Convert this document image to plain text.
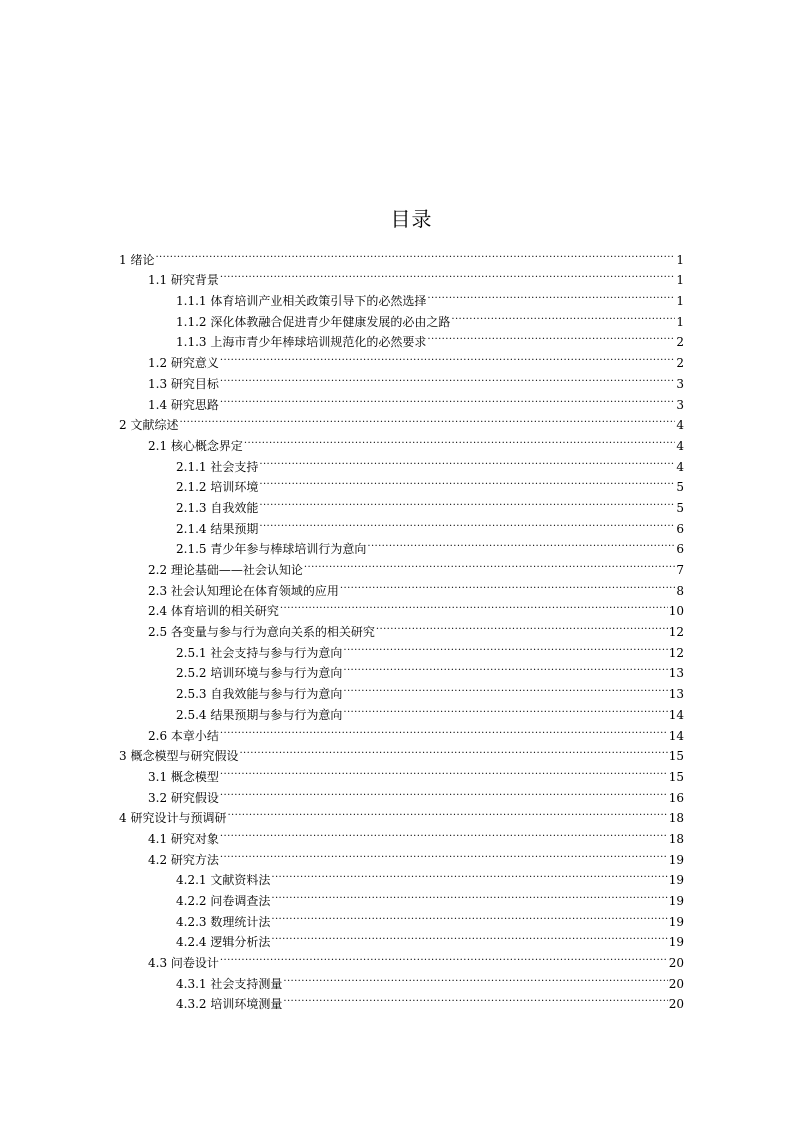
目录
1 绪论 .....	1
1.1 研究背景 .....	1
1.1.1 体育培训产业相关政策引导下的必然选择 .....	1
1.1.2 深化体教融合促进青少年健康发展的必由之路 .....	1
1.1.3 上海市青少年棒球培训规范化的必然要求 .....	2
1.2 研究意义 .....	2
1.3 研究目标 .....	3
1.4 研究思路 .....	3
2 文献综述 .....	4
2.1 核心概念界定 .....	4
2.1.1 社会支持 .....	4
2.1.2 培训环境 .....	5
2.1.3 自我效能 .....	5
2.1.4 结果预期 .....	6
2.1.5 青少年参与棒球培训行为意向 .....	6
2.2 理论基础——社会认知论 .....	7
2.3 社会认知理论在体育领域的应用 .....	8
2.4 体育培训的相关研究 .....	10
2.5 各变量与参与行为意向关系的相关研究 .....	12
2.5.1 社会支持与参与行为意向 .....	12
2.5.2 培训环境与参与行为意向 .....	13
2.5.3 自我效能与参与行为意向 .....	13
2.5.4 结果预期与参与行为意向 .....	14
2.6 本章小结 .....	14
3 概念模型与研究假设 .....	15
3.1 概念模型 .....	15
3.2 研究假设 .....	16
4 研究设计与预调研 .....	18
4.1 研究对象 .....	18
4.2 研究方法 .....	19
4.2.1 文献资料法 .....	19
4.2.2 问卷调查法 .....	19
4.2.3 数理统计法 .....	19
4.2.4 逻辑分析法 .....	19
4.3 问卷设计 .....	20
4.3.1 社会支持测量 .....	20
4.3.2 培训环境测量 .....	20
